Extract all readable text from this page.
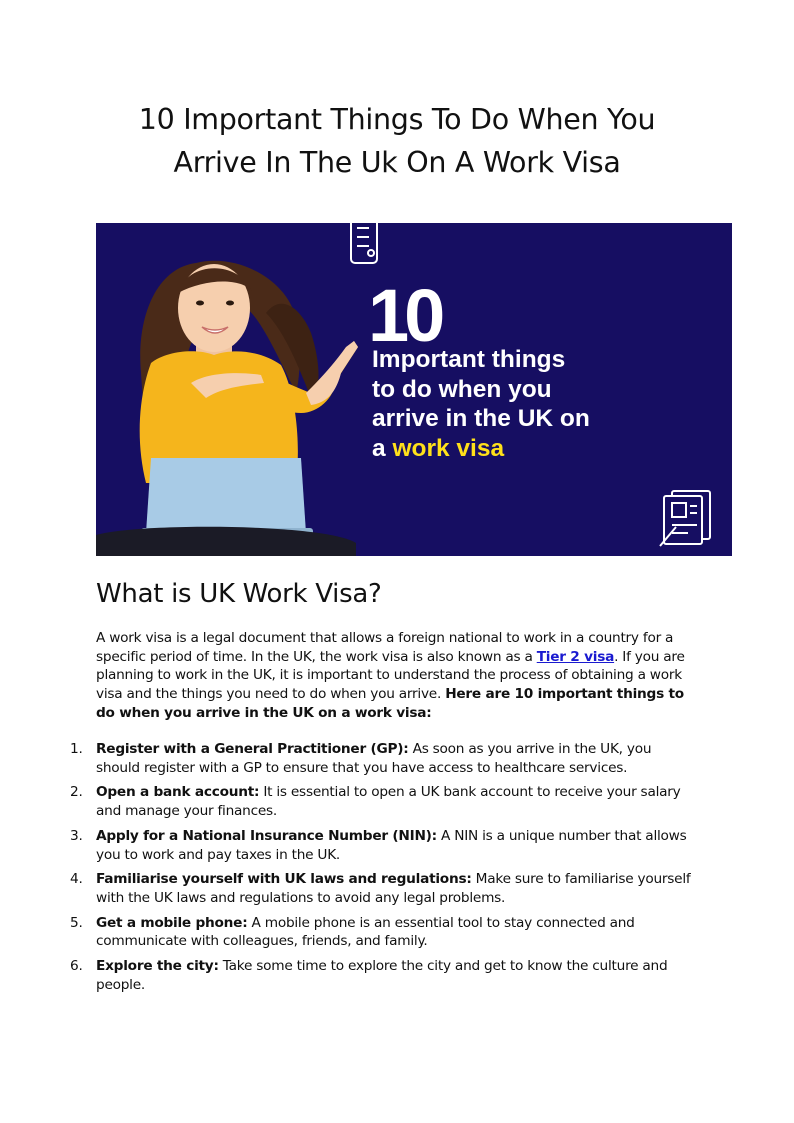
10 Important Things To Do When You
Arrive In The Uk On A Work Visa
10
Important things
to do when you
arrive in the UK on
a work visa
What is UK Work Visa?

A work visa is a legal document that allows a foreign national to work in a country for a specific period of time. In the UK, the work visa is also known as a Tier 2 visa. If you are planning to work in the UK, it is important to understand the process of obtaining a work visa and the things you need to do when you arrive. Here are 10 important things to do when you arrive in the UK on a work visa:

1. Register with a General Practitioner (GP): As soon as you arrive in the UK, you should register with a GP to ensure that you have access to healthcare services.
2. Open a bank account: It is essential to open a UK bank account to receive your salary and manage your finances.
3. Apply for a National Insurance Number (NIN): A NIN is a unique number that allows you to work and pay taxes in the UK.
4. Familiarise yourself with UK laws and regulations: Make sure to familiarise yourself with the UK laws and regulations to avoid any legal problems.
5. Get a mobile phone: A mobile phone is an essential tool to stay connected and communicate with colleagues, friends, and family.
6. Explore the city: Take some time to explore the city and get to know the culture and people.
